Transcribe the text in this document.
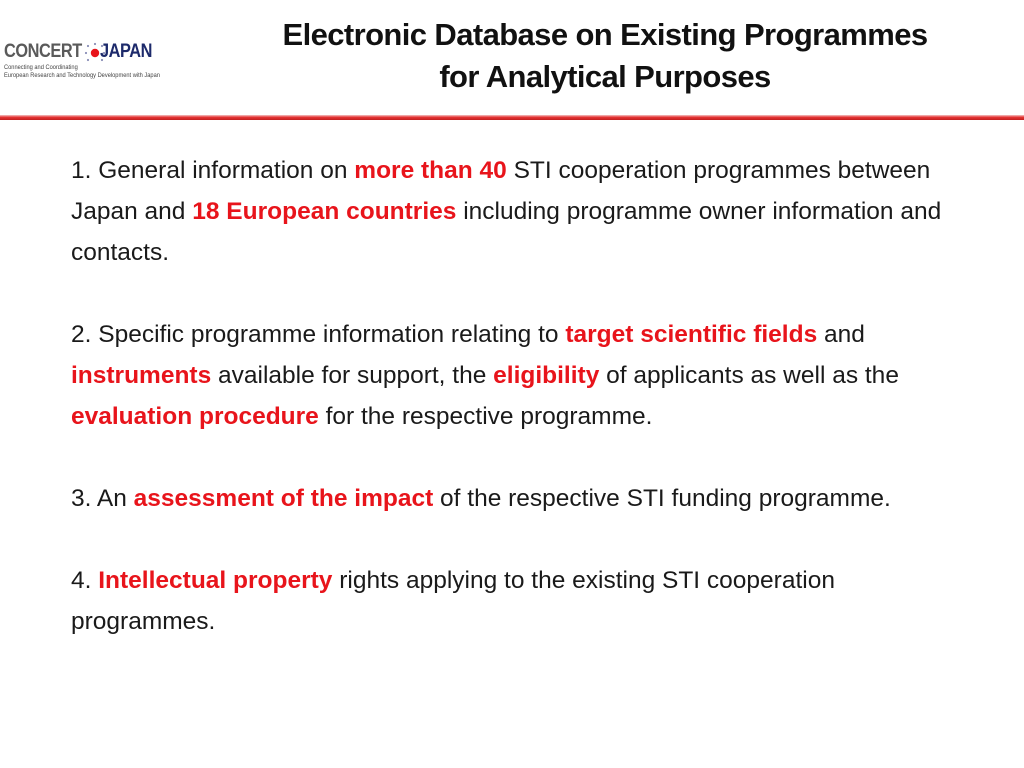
CONCERT JAPAN
Connecting and Coordinating
European Research and Technology Development with Japan
Electronic Database on Existing Programmes
for Analytical Purposes

1. General information on more than 40 STI cooperation programmes between Japan and 18 European countries including programme owner information and contacts.

2. Specific programme information relating to target scientific fields and instruments available for support, the eligibility of applicants as well as the evaluation procedure for the respective programme.

3. An assessment of the impact of the respective STI funding programme.

4. Intellectual property rights applying to the existing STI cooperation programmes.
